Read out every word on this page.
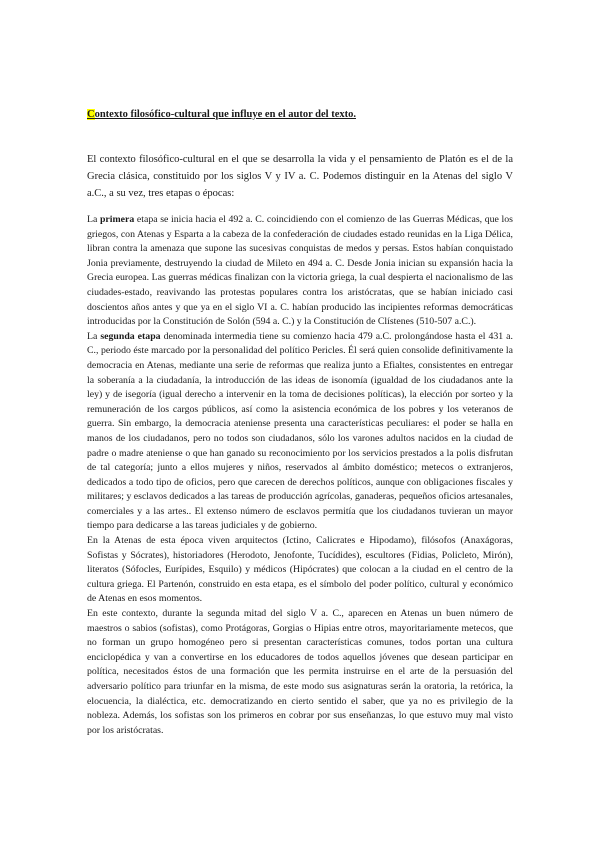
Contexto filosófico-cultural que influye en el autor del texto.

El contexto filosófico-cultural en el que se desarrolla la vida y el pensamiento de Platón es el de la Grecia clásica, constituido por los siglos V y IV a. C. Podemos distinguir en la Atenas del siglo V a.C., a su vez, tres etapas o épocas:

La primera etapa se inicia hacia el 492 a. C. coincidiendo con el comienzo de las Guerras Médicas, que los griegos, con Atenas y Esparta a la cabeza de la confederación de ciudades estado reunidas en la Liga Délica, libran contra la amenaza que supone las sucesivas conquistas de medos y persas. Estos habían conquistado Jonia previamente, destruyendo la ciudad de Mileto en 494 a. C. Desde Jonia inician su expansión hacia la Grecia europea. Las guerras médicas finalizan con la victoria griega, la cual despierta el nacionalismo de las ciudades-estado, reavivando las protestas populares contra los aristócratas, que se habían iniciado casi doscientos años antes y que ya en el siglo VI a. C. habían producido las incipientes reformas democráticas introducidas por la Constitución de Solón (594 a. C.) y la Constitución de Clístenes (510-507 a.C.).

La segunda etapa denominada intermedia tiene su comienzo hacia 479 a.C. prolongándose hasta el 431 a. C., periodo éste marcado por la personalidad del político Pericles. Él será quien consolide definitivamente la democracia en Atenas, mediante una serie de reformas que realiza junto a Efialtes, consistentes en entregar la soberanía a la ciudadanía, la introducción de las ideas de isonomía (igualdad de los ciudadanos ante la ley) y de isegoría (igual derecho a intervenir en la toma de decisiones políticas), la elección por sorteo y la remuneración de los cargos públicos, así como la asistencia económica de los pobres y los veteranos de guerra. Sin embargo, la democracia ateniense presenta una características peculiares: el poder se halla en manos de los ciudadanos, pero no todos son ciudadanos, sólo los varones adultos nacidos en la ciudad de padre o madre ateniense o que han ganado su reconocimiento por los servicios prestados a la polis disfrutan de tal categoría; junto a ellos mujeres y niños, reservados al ámbito doméstico; metecos o extranjeros, dedicados a todo tipo de oficios, pero que carecen de derechos políticos, aunque con obligaciones fiscales y militares; y esclavos dedicados a las tareas de producción agrícolas, ganaderas, pequeños oficios artesanales, comerciales y a las artes.. El extenso número de esclavos permitía que los ciudadanos tuvieran un mayor tiempo para dedicarse a las tareas judiciales y de gobierno.

En la Atenas de esta época viven arquitectos (Ictino, Calicrates e Hipodamo), filósofos (Anaxágoras, Sofistas y Sócrates), historiadores (Herodoto, Jenofonte, Tucídides), escultores (Fidias, Policleto, Mirón), literatos (Sófocles, Eurípides, Esquilo) y médicos (Hipócrates) que colocan a la ciudad en el centro de la cultura griega. El Partenón, construido en esta etapa, es el símbolo del poder político, cultural y económico de Atenas en esos momentos.

En este contexto, durante la segunda mitad del siglo V a. C., aparecen en Atenas un buen número de maestros o sabios (sofistas), como Protágoras, Gorgias o Hipias entre otros, mayoritariamente metecos, que no forman un grupo homogéneo pero si presentan características comunes, todos portan una cultura enciclopédica y van a convertirse en los educadores de todos aquellos jóvenes que desean participar en política, necesitados éstos de una formación que les permita instruirse en el arte de la persuasión del adversario político para triunfar en la misma, de este modo sus asignaturas serán la oratoria, la retórica, la elocuencia, la dialéctica, etc. democratizando en cierto sentido el saber, que ya no es privilegio de la nobleza. Además, los sofistas son los primeros en cobrar por sus enseñanzas, lo que estuvo muy mal visto por los aristócratas.
